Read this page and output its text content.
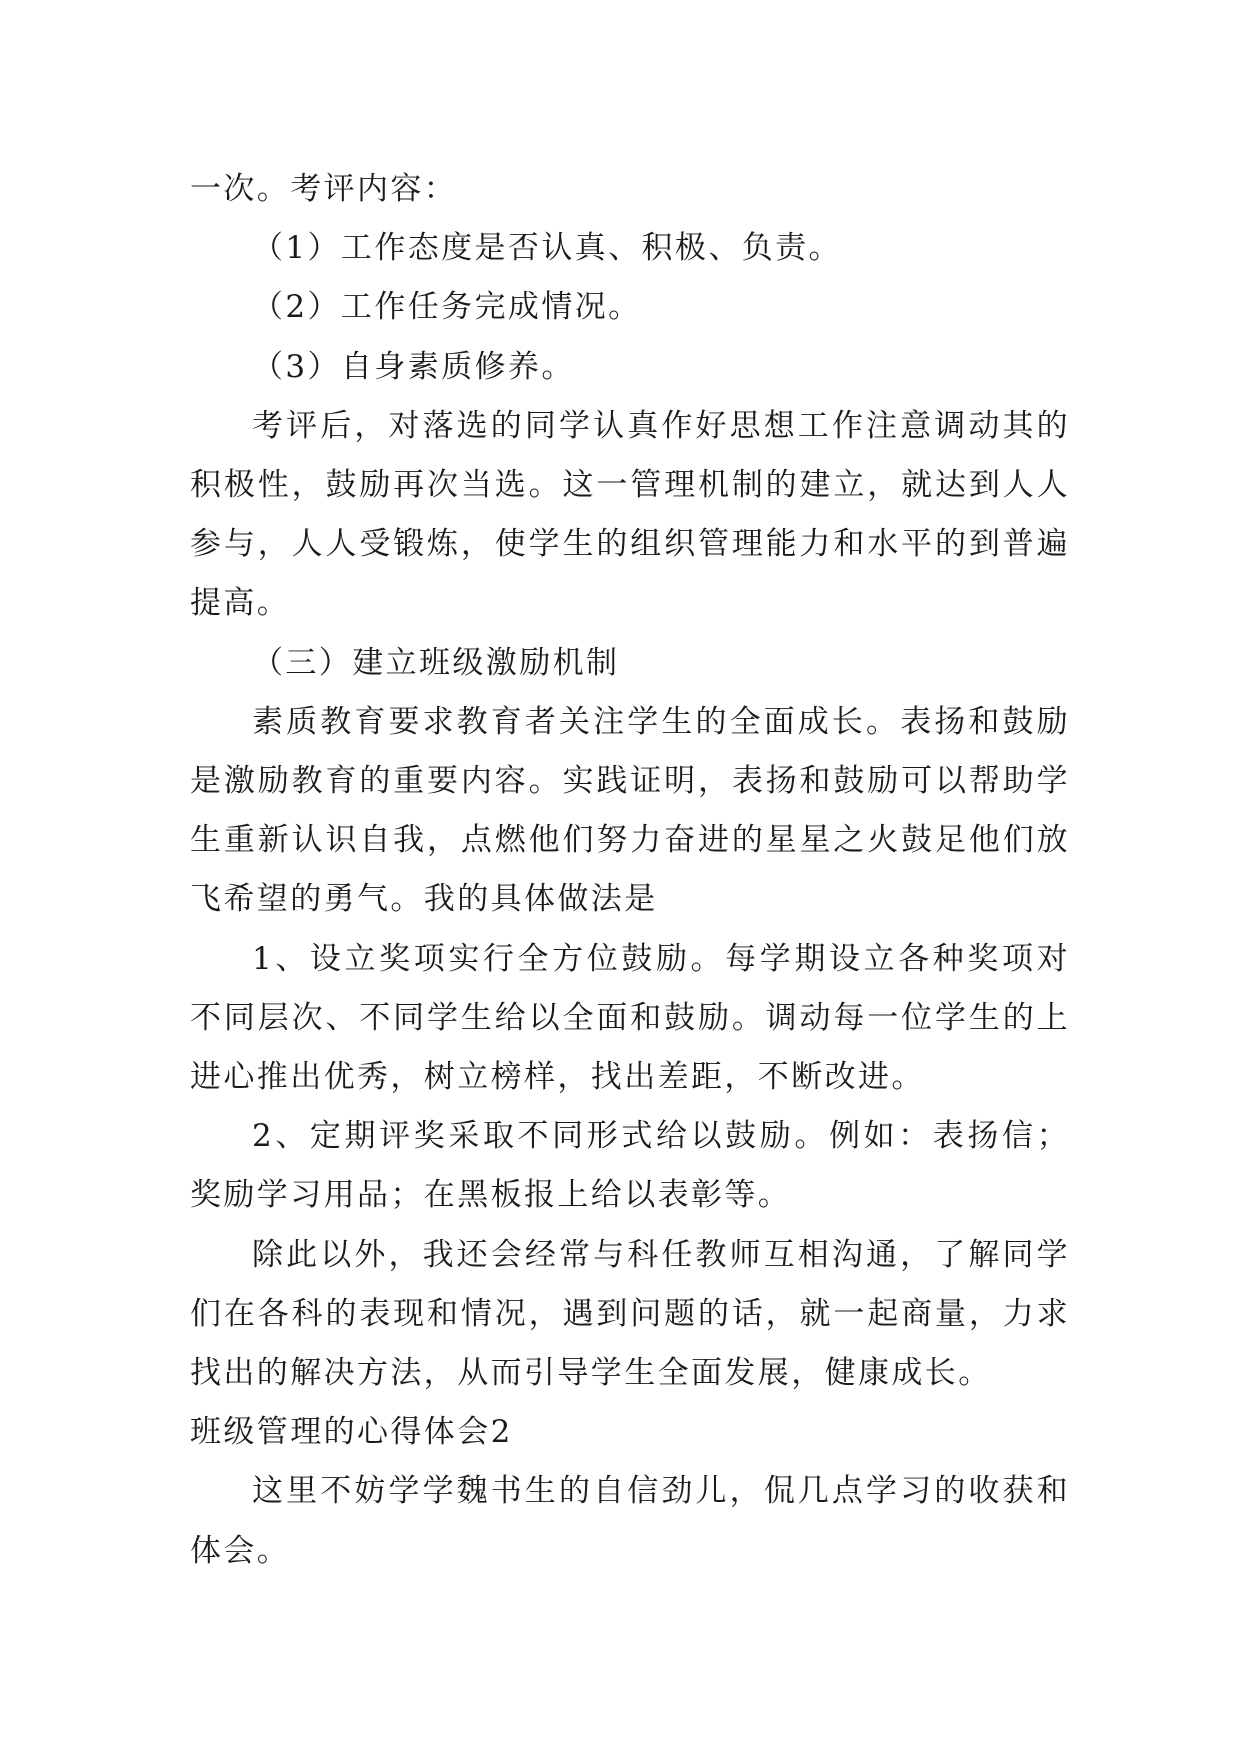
一次。考评内容：

（1）工作态度是否认真、积极、负责。

（2）工作任务完成情况。

（3）自身素质修养。

考评后，对落选的同学认真作好思想工作注意调动其的积极性，鼓励再次当选。这一管理机制的建立，就达到人人参与，人人受锻炼，使学生的组织管理能力和水平的到普遍提高。

（三）建立班级激励机制

素质教育要求教育者关注学生的全面成长。表扬和鼓励是激励教育的重要内容。实践证明，表扬和鼓励可以帮助学生重新认识自我，点燃他们努力奋进的星星之火鼓足他们放飞希望的勇气。我的具体做法是

1、设立奖项实行全方位鼓励。每学期设立各种奖项对不同层次、不同学生给以全面和鼓励。调动每一位学生的上进心推出优秀，树立榜样，找出差距，不断改进。

2、定期评奖采取不同形式给以鼓励。例如：表扬信；奖励学习用品；在黑板报上给以表彰等。

除此以外，我还会经常与科任教师互相沟通，了解同学们在各科的表现和情况，遇到问题的话，就一起商量，力求找出的解决方法，从而引导学生全面发展，健康成长。

班级管理的心得体会2

这里不妨学学魏书生的自信劲儿，侃几点学习的收获和体会。
